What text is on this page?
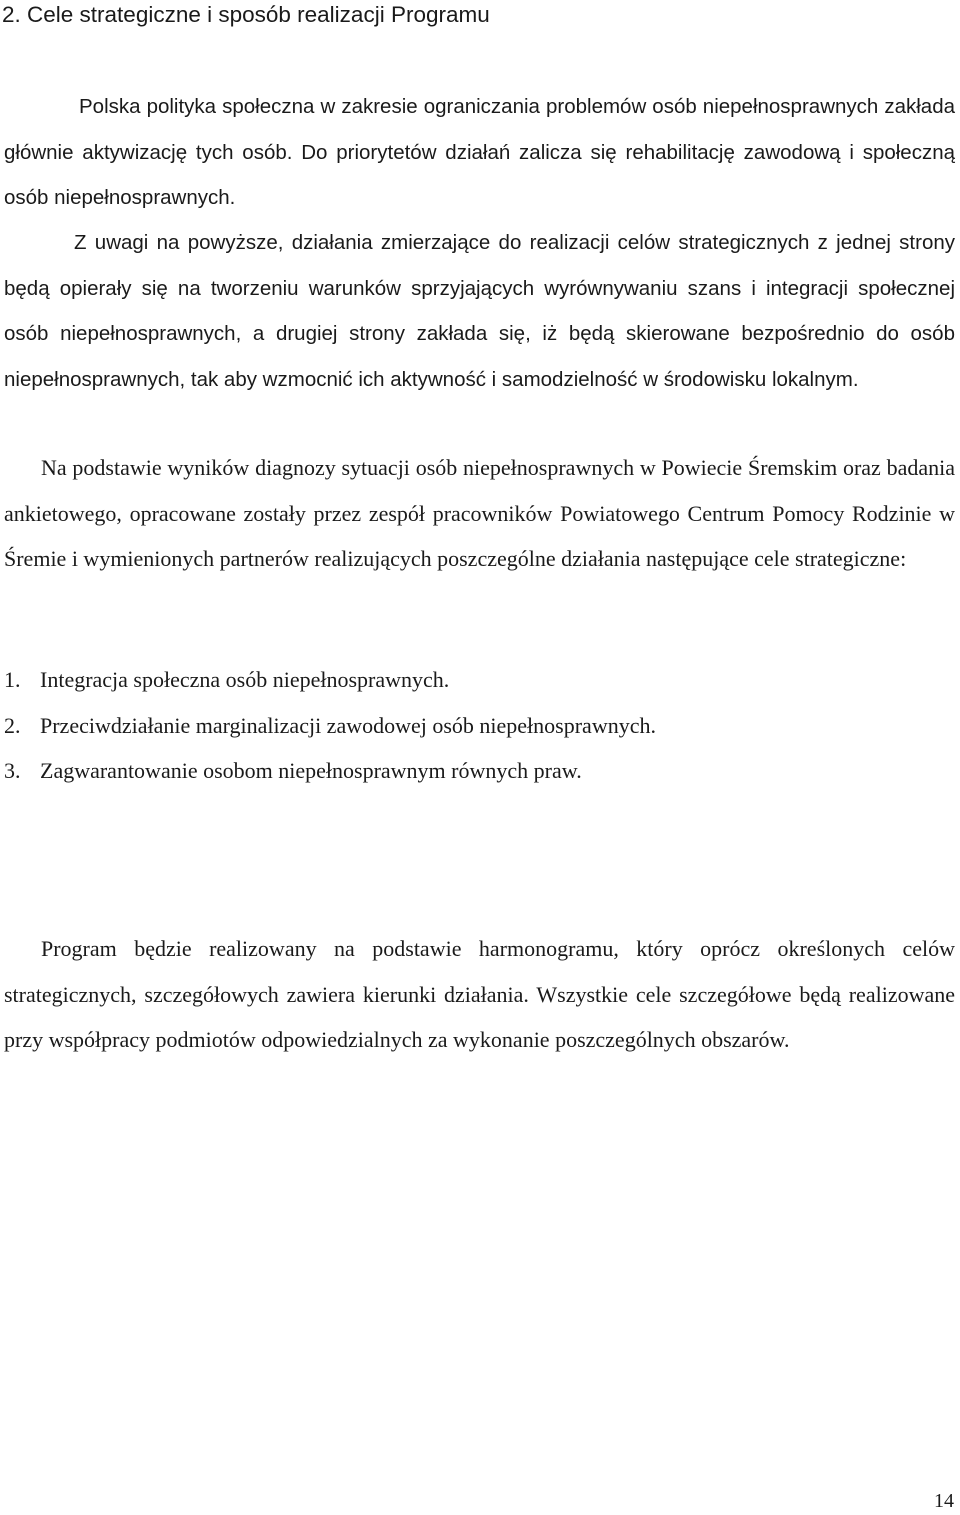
2. Cele strategiczne i sposób realizacji Programu

Polska polityka społeczna w zakresie ograniczania problemów osób niepełnosprawnych zakłada głównie aktywizację tych osób. Do priorytetów działań zalicza się rehabilitację zawodową i społeczną osób niepełnosprawnych.

Z uwagi na powyższe, działania zmierzające do realizacji celów strategicznych z jednej strony będą opierały się na tworzeniu warunków sprzyjających wyrównywaniu szans i integracji społecznej osób niepełnosprawnych, a drugiej strony zakłada się, iż będą skierowane bezpośrednio do osób niepełnosprawnych, tak aby wzmocnić ich aktywność i samodzielność w środowisku lokalnym.

Na podstawie wyników diagnozy sytuacji osób niepełnosprawnych w Powiecie Śremskim oraz badania ankietowego, opracowane zostały przez zespół pracowników Powiatowego Centrum Pomocy Rodzinie w Śremie i wymienionych partnerów realizujących poszczególne działania następujące cele strategiczne:

1. Integracja społeczna osób niepełnosprawnych.
2. Przeciwdziałanie marginalizacji zawodowej osób niepełnosprawnych.
3. Zagwarantowanie osobom niepełnosprawnym równych praw.

Program będzie realizowany na podstawie harmonogramu, który oprócz określonych celów strategicznych, szczegółowych zawiera kierunki działania. Wszystkie cele szczegółowe będą realizowane przy współpracy podmiotów odpowiedzialnych za wykonanie poszczególnych obszarów.

14
